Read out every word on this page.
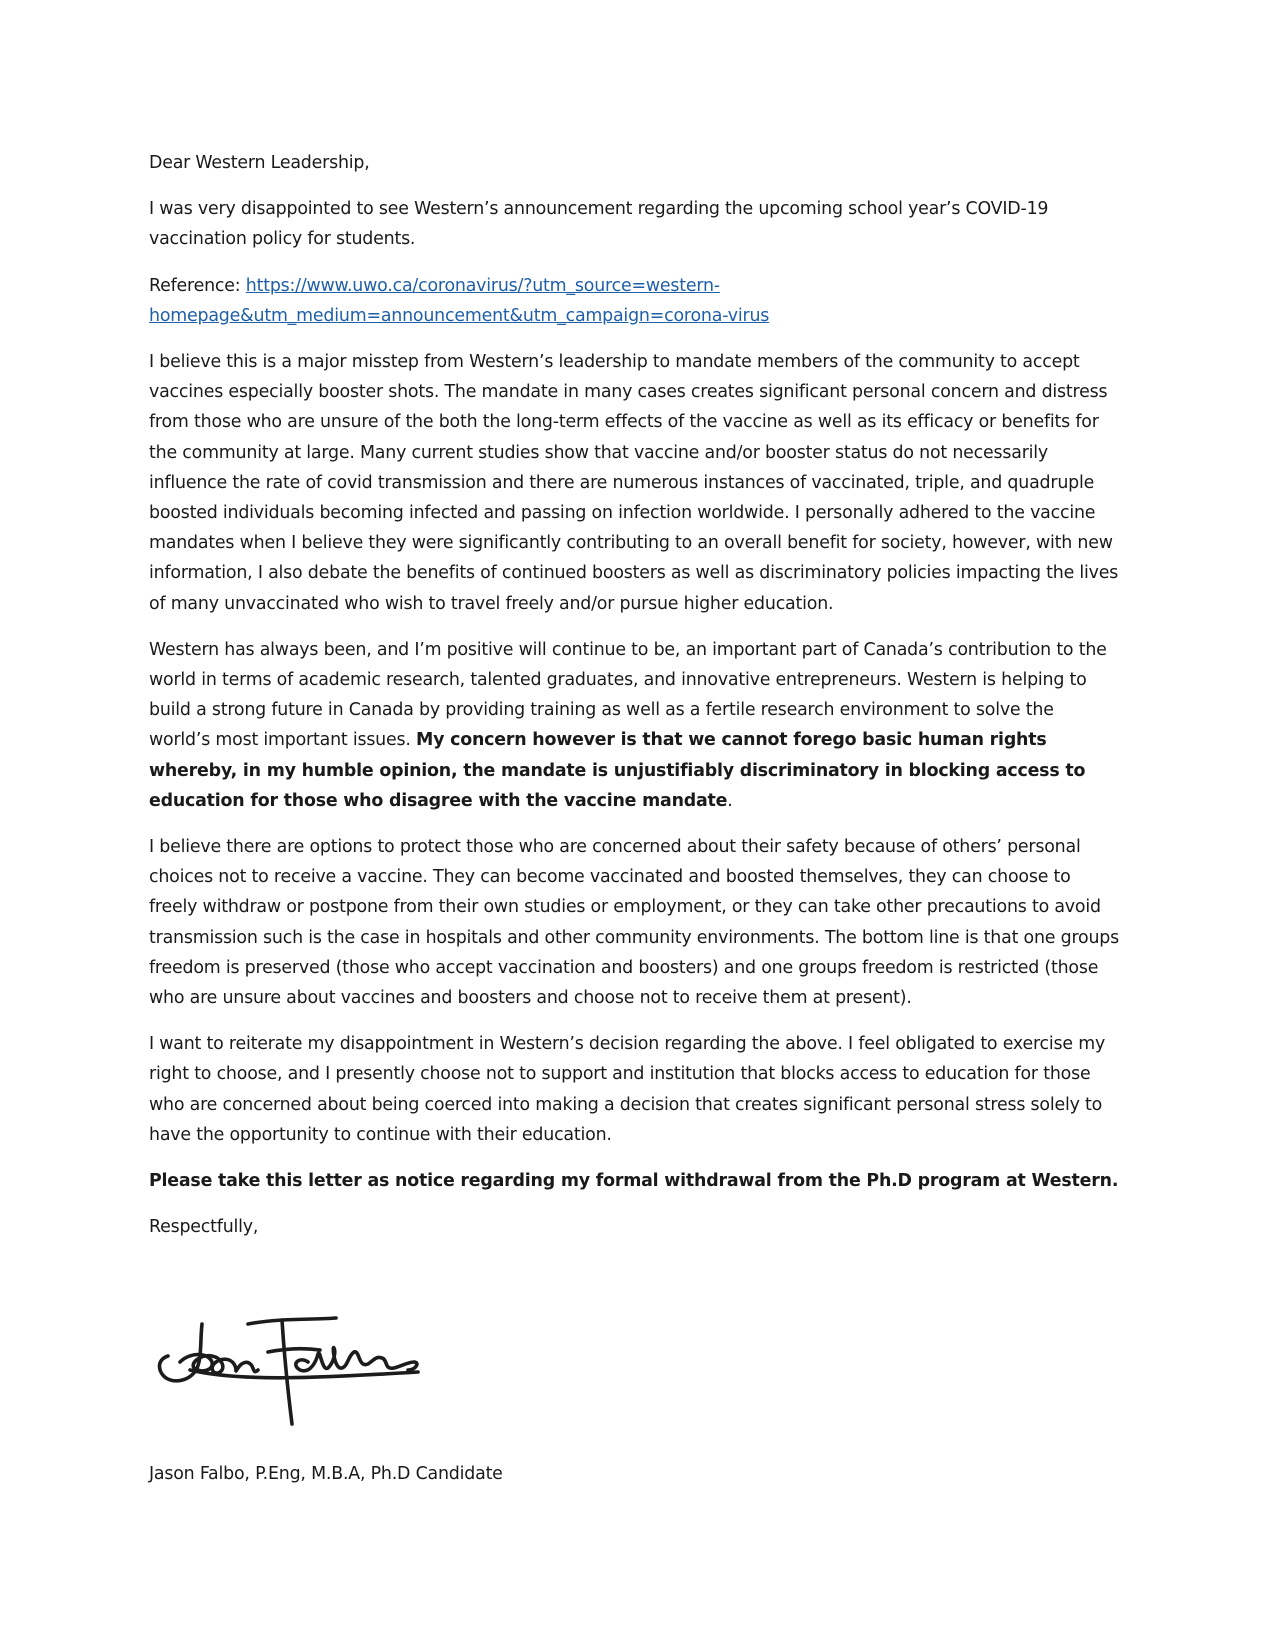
Dear Western Leadership,

I was very disappointed to see Western’s announcement regarding the upcoming school year’s COVID-19 vaccination policy for students.

Reference: https://www.uwo.ca/coronavirus/?utm_source=western-homepage&utm_medium=announcement&utm_campaign=corona-virus

I believe this is a major misstep from Western’s leadership to mandate members of the community to accept vaccines especially booster shots. The mandate in many cases creates significant personal concern and distress from those who are unsure of the both the long-term effects of the vaccine as well as its efficacy or benefits for the community at large. Many current studies show that vaccine and/or booster status do not necessarily influence the rate of covid transmission and there are numerous instances of vaccinated, triple, and quadruple boosted individuals becoming infected and passing on infection worldwide. I personally adhered to the vaccine mandates when I believe they were significantly contributing to an overall benefit for society, however, with new information, I also debate the benefits of continued boosters as well as discriminatory policies impacting the lives of many unvaccinated who wish to travel freely and/or pursue higher education.

Western has always been, and I’m positive will continue to be, an important part of Canada’s contribution to the world in terms of academic research, talented graduates, and innovative entrepreneurs. Western is helping to build a strong future in Canada by providing training as well as a fertile research environment to solve the world’s most important issues. My concern however is that we cannot forego basic human rights whereby, in my humble opinion, the mandate is unjustifiably discriminatory in blocking access to education for those who disagree with the vaccine mandate.

I believe there are options to protect those who are concerned about their safety because of others’ personal choices not to receive a vaccine. They can become vaccinated and boosted themselves, they can choose to freely withdraw or postpone from their own studies or employment, or they can take other precautions to avoid transmission such is the case in hospitals and other community environments. The bottom line is that one groups freedom is preserved (those who accept vaccination and boosters) and one groups freedom is restricted (those who are unsure about vaccines and boosters and choose not to receive them at present).

I want to reiterate my disappointment in Western’s decision regarding the above. I feel obligated to exercise my right to choose, and I presently choose not to support and institution that blocks access to education for those who are concerned about being coerced into making a decision that creates significant personal stress solely to have the opportunity to continue with their education.

Please take this letter as notice regarding my formal withdrawal from the Ph.D program at Western.

Respectfully,

Jason Falbo, P.Eng, M.B.A, Ph.D Candidate
